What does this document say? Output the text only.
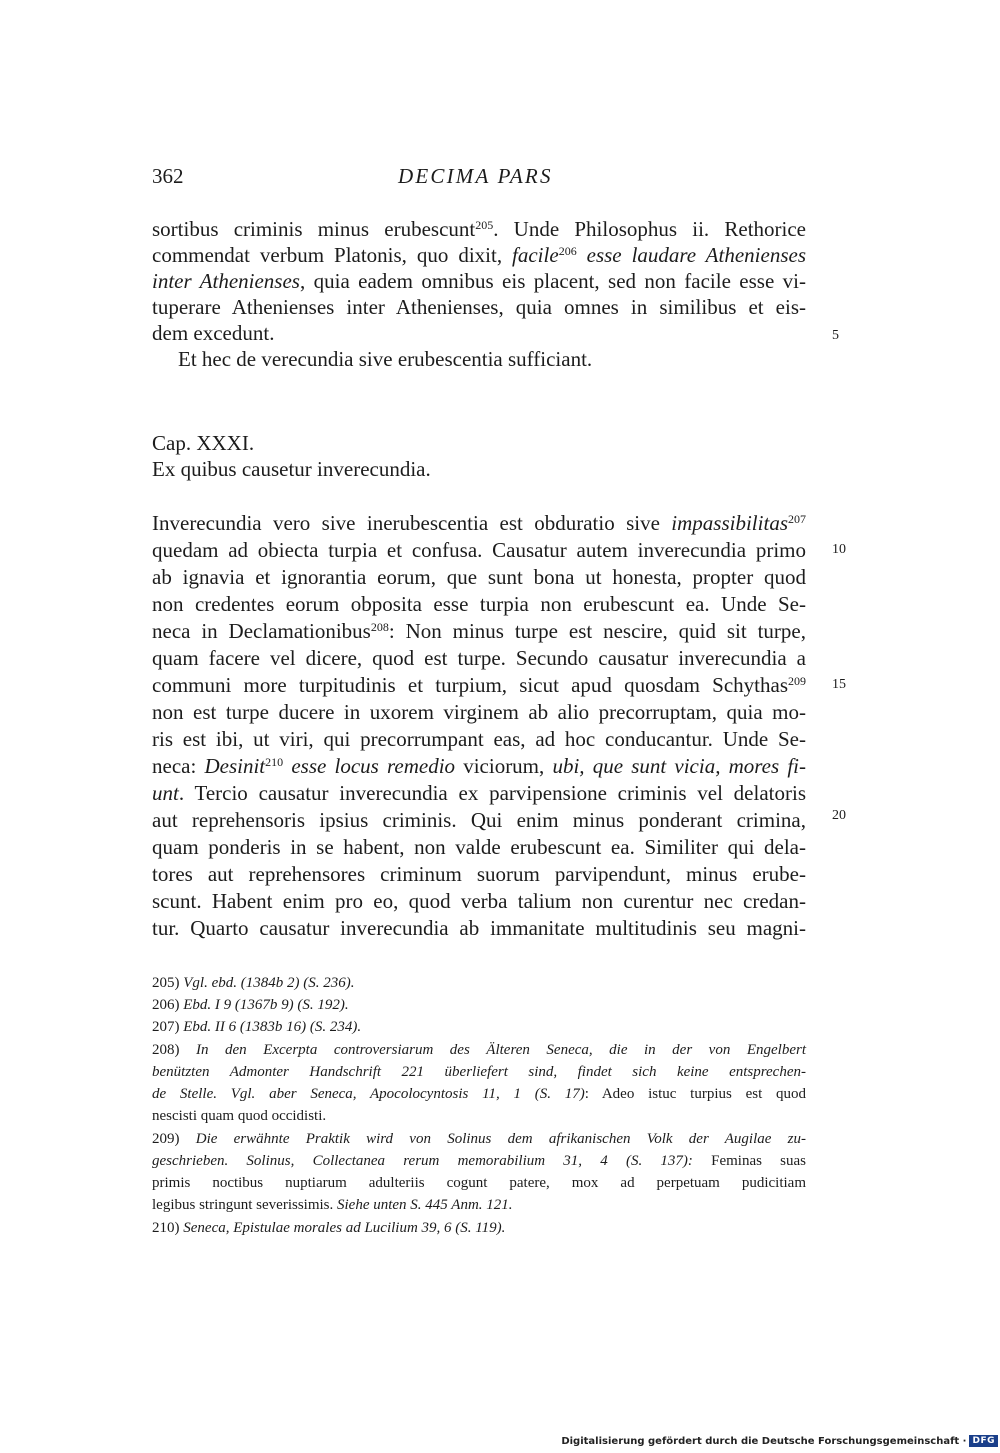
362	DECIMA PARS
sortibus criminis minus erubescunt$^{205}$. Unde Philosophus ii. Rethorice
commendat verbum Platonis, quo dixit, facile$^{206}$ esse laudare Athenienses
inter Athenienses, quia eadem omnibus eis placent, sed non facile esse vi-
tuperare Athenienses inter Athenienses, quia omnes in similibus et eis-
dem excedunt.
Et hec de verecundia sive erubescentia sufficiant.
Cap. XXXI.
Ex quibus causetur inverecundia.
Inverecundia vero sive inerubescentia est obduratio sive impassibilitas$^{207}$
quedam ad obiecta turpia et confusa. Causatur autem inverecundia primo
ab ignavia et ignorantia eorum, que sunt bona ut honesta, propter quod
non credentes eorum obposita esse turpia non erubescunt ea. Unde Se-
neca in Declamationibus$^{208}$: Non minus turpe est nescire, quid sit turpe,
quam facere vel dicere, quod est turpe. Secundo causatur inverecundia a
communi more turpitudinis et turpium, sicut apud quosdam Schythas$^{209}$
non est turpe ducere in uxorem virginem ab alio precorruptam, quia mo-
ris est ibi, ut viri, qui precorrumpant eas, ad hoc conducantur. Unde Se-
neca: Desinit$^{210}$ esse locus remedio viciorum, ubi, que sunt vicia, mores fi-
unt. Tercio causatur inverecundia ex parvipensione criminis vel delatoris
aut reprehensoris ipsius criminis. Qui enim minus ponderant crimina,
quam ponderis in se habent, non valde erubescunt ea. Similiter qui dela-
tores aut reprehensores criminum suorum parvipendunt, minus erube-
scunt. Habent enim pro eo, quod verba talium non curentur nec credan-
tur. Quarto causatur inverecundia ab immanitate multitudinis seu magni-
5
10
15
20
205) Vgl. ebd. (1384b 2) (S. 236).
206) Ebd. I 9 (1367b 9) (S. 192).
207) Ebd. II 6 (1383b 16) (S. 234).
208) In den Excerpta controversiarum des Älteren Seneca, die in der von Engelbert
benützten Admonter Handschrift 221 überliefert sind, findet sich keine entsprechen-
de Stelle. Vgl. aber Seneca, Apocolocyntosis 11, 1 (S. 17): Adeo istuc turpius est quod
nescisti quam quod occidisti.
209) Die erwähnte Praktik wird von Solinus dem afrikanischen Volk der Augilae zu-
geschrieben. Solinus, Collectanea rerum memorabilium 31, 4 (S. 137): Feminas suas
primis noctibus nuptiarum adulteriis cogunt patere, mox ad perpetuam pudicitiam
legibus stringunt severissimis. Siehe unten S. 445 Anm. 121.
210) Seneca, Epistulae morales ad Lucilium 39, 6 (S. 119).
Digitalisierung gefördert durch die Deutsche Forschungsgemeinschaft · DFG
